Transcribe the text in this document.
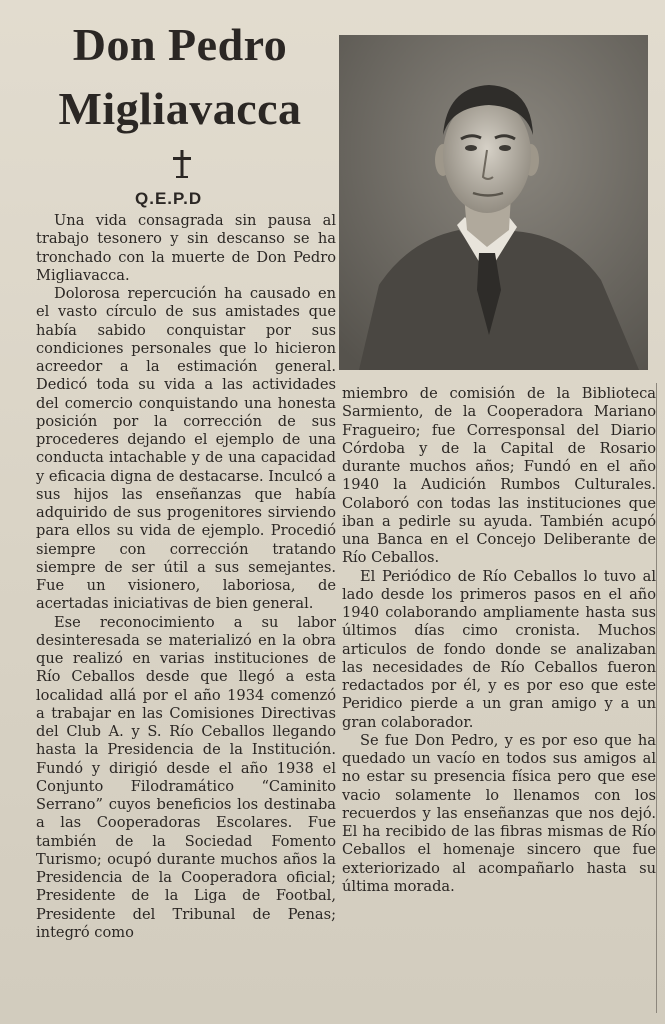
Don Pedro
Migliavacca

Q.E.P.D

Una vida consagrada sin pausa al trabajo tesonero y sin descanso se ha tronchado con la muerte de Don Pedro Migliavacca.

Dolorosa repercución ha causado en el vasto círculo de sus amistades que había sabido conquistar por sus condiciones personales que lo hicieron acreedor a la estimación general. Dedicó toda su vida a las actividades del comercio conquistando una honesta posición por la corrección de sus procederes dejando el ejemplo de una conducta intachable y de una capacidad y eficacia digna de destacarse. Inculcó a sus hijos las enseñanzas que había adquirido de sus progenitores sirviendo para ellos su vida de ejemplo. Procedió siempre con corrección tratando siempre de ser útil a sus semejantes. Fue un visionero, laboriosa, de acertadas iniciativas de bien general.

Ese reconocimiento a su labor desinteresada se materializó en la obra que realizó en varias instituciones de Río Ceballos desde que llegó a esta localidad allá por el año 1934 comenzó a trabajar en las Comisiones Directivas del Club A. y S. Río Ceballos llegando hasta la Presidencia de la Institución. Fundó y dirigió desde el año 1938 el Conjunto Filodramático “Caminito Serrano” cuyos beneficios los destinaba a las Cooperadoras Escolares. Fue también de la Sociedad Fomento Turismo; ocupó durante muchos años la Presidencia de la Cooperadora oficial; Presidente de la Liga de Footbal, Presidente del Tribunal de Penas; integró como

miembro de comisión de la Biblioteca Sarmiento, de la Cooperadora Mariano Fragueiro; fue Corresponsal del Diario Córdoba y de la Capital de Rosario durante muchos años; Fundó en el año 1940 la Audición Rumbos Culturales. Colaboró con todas las instituciones que iban a pedirle su ayuda. También acupó una Banca en el Concejo Deliberante de Río Ceballos.

El Periódico de Río Ceballos lo tuvo al lado desde los primeros pasos en el año 1940 colaborando ampliamente hasta sus últimos días cimo cronista. Muchos articulos de fondo donde se analizaban las necesidades de Río Ceballos fueron redactados por él, y es por eso que este Peridico pierde a un gran amigo y a un gran colaborador.

Se fue Don Pedro, y es por eso que ha quedado un vacío en todos sus amigos al no estar su presencia física pero que ese vacio solamente lo llenamos con los recuerdos y las enseñanzas que nos dejó. El ha recibido de las fibras mismas de Río Ceballos el homenaje sincero que fue exteriorizado al acompañarlo hasta su última morada.
